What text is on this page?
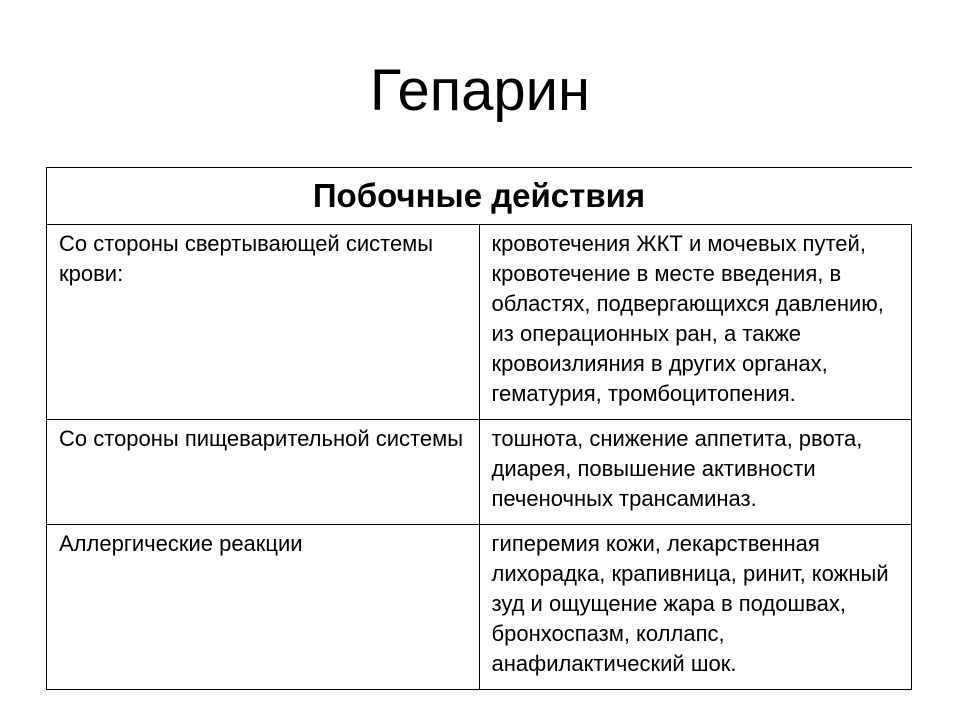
Гепарин
Побочные действия	
Со стороны свертывающей системы крови:	кровотечения ЖКТ и мочевых путей, кровотечение в месте введения, в областях, подвергающихся давлению, из операционных ран, а также кровоизлияния в других органах, гематурия, тромбоцитопения.
Со стороны пищеварительной системы	тошнота, снижение аппетита, рвота, диарея, повышение активности печеночных трансаминаз.
Аллергические реакции	гиперемия кожи, лекарственная лихорадка, крапивница, ринит, кожный зуд и ощущение жара в подошвах, бронхоспазм, коллапс, анафилактический шок.
